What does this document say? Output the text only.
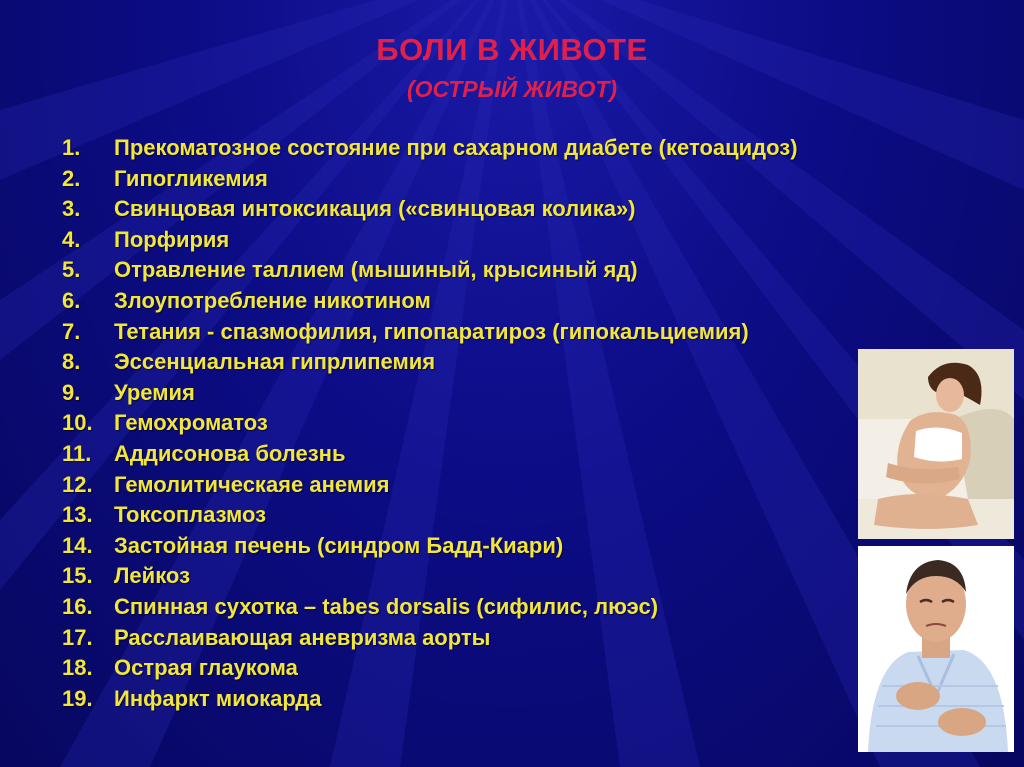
БОЛИ В ЖИВОТЕ
(ОСТРЫЙ ЖИВОТ)
1. Прекоматозное состояние при сахарном диабете (кетоацидоз)
2. Гипогликемия
3. Свинцовая интоксикация («свинцовая колика»)
4. Порфирия
5. Отравление таллием (мышиный, крысиный яд)
6. Злоупотребление никотином
7. Тетания - спазмофилия, гипопаратироз (гипокальциемия)
8. Эссенциальная гипрлипемия
9. Уремия
10. Гемохроматоз
11. Аддисонова болезнь
12. Гемолитическаяе анемия
13. Токсоплазмоз
14. Застойная печень (синдром Бадд-Киари)
15. Лейкоз
16. Спинная сухотка – tabes dorsalis (сифилис, люэс)
17. Расслаивающая аневризма аорты
18. Острая глаукома
19. Инфаркт миокарда
